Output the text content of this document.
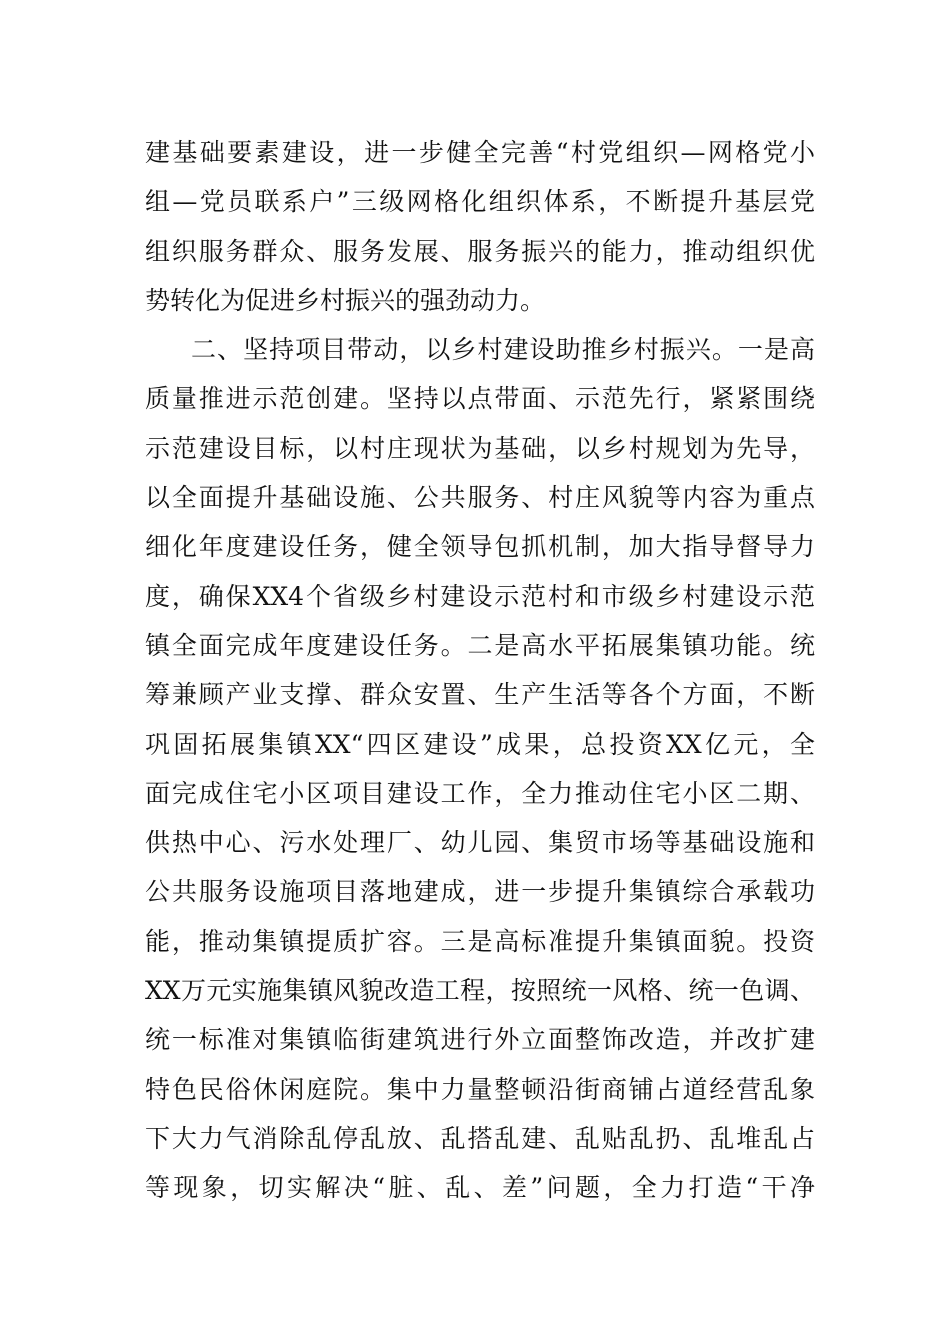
建基础要素建设，进一步健全完善“村党组织—网格党小
组—党员联系户”三级网格化组织体系，不断提升基层党
组织服务群众、服务发展、服务振兴的能力，推动组织优
势转化为促进乡村振兴的强劲动力。
二、坚持项目带动，以乡村建设助推乡村振兴。一是高
质量推进示范创建。坚持以点带面、示范先行，紧紧围绕
示范建设目标，以村庄现状为基础，以乡村规划为先导，
以全面提升基础设施、公共服务、村庄风貌等内容为重点
细化年度建设任务，健全领导包抓机制，加大指导督导力
度，确保XX4个省级乡村建设示范村和市级乡村建设示范
镇全面完成年度建设任务。二是高水平拓展集镇功能。统
筹兼顾产业支撑、群众安置、生产生活等各个方面，不断
巩固拓展集镇XX“四区建设”成果，总投资XX亿元，全
面完成住宅小区项目建设工作，全力推动住宅小区二期、
供热中心、污水处理厂、幼儿园、集贸市场等基础设施和
公共服务设施项目落地建成，进一步提升集镇综合承载功
能，推动集镇提质扩容。三是高标准提升集镇面貌。投资
XX万元实施集镇风貌改造工程，按照统一风格、统一色调、
统一标准对集镇临街建筑进行外立面整饰改造，并改扩建
特色民俗休闲庭院。集中力量整顿沿街商铺占道经营乱象
下大力气消除乱停乱放、乱搭乱建、乱贴乱扔、乱堆乱占
等现象，切实解决“脏、乱、差”问题，全力打造“干净
